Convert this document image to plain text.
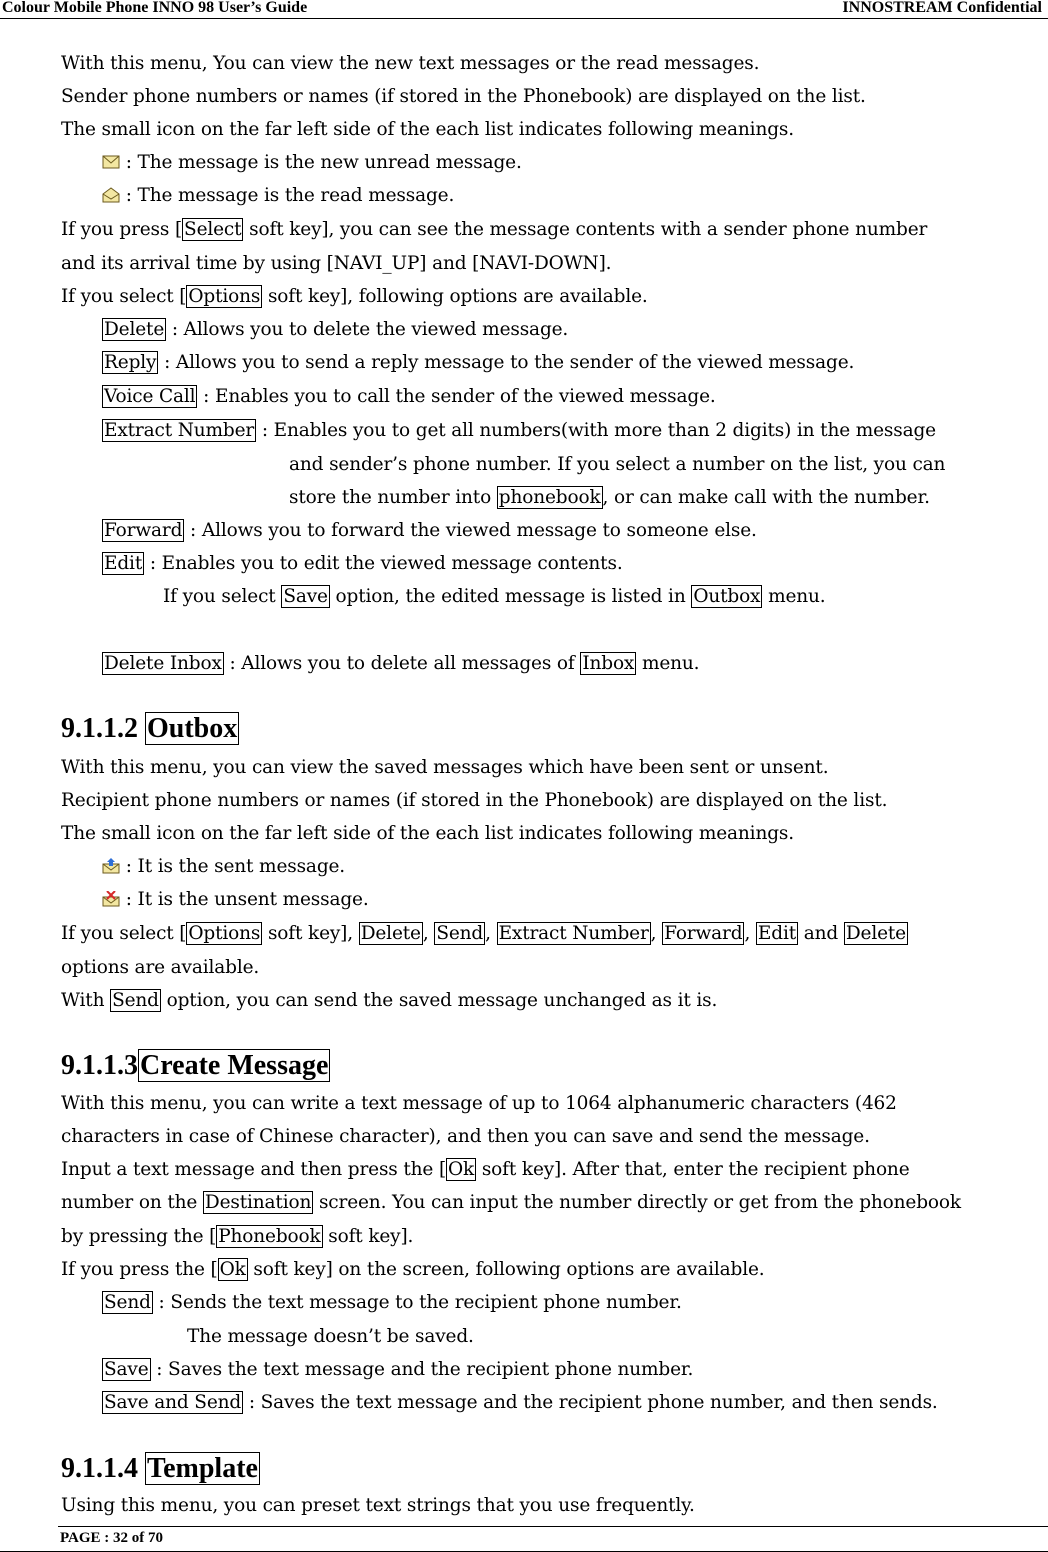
Colour Mobile Phone INNO 98 User’s Guide	INNOSTREAM Confidential
With this menu, You can view the new text messages or the read messages.
Sender phone numbers or names (if stored in the Phonebook) are displayed on the list.
The small icon on the far left side of the each list indicates following meanings.
: The message is the new unread message.
: The message is the read message.
If you press [ Select soft key], you can see the message contents with a sender phone number
and its arrival time by using [NAVI_UP] and [NAVI-DOWN].
If you select [ Options soft key], following options are available.
Delete : Allows you to delete the viewed message.
Reply : Allows you to send a reply message to the sender of the viewed message.
Voice Call : Enables you to call the sender of the viewed message.
Extract Number : Enables you to get all numbers(with more than 2 digits) in the message
and sender’s phone number. If you select a number on the list, you can
store the number into phonebook , or can make call with the number.
Forward : Allows you to forward the viewed message to someone else.
Edit : Enables you to edit the viewed message contents.
If you select Save option, the edited message is listed in Outbox menu.
Delete Inbox : Allows you to delete all messages of Inbox menu.
9.1.1.2 Outbox
With this menu, you can view the saved messages which have been sent or unsent.
Recipient phone numbers or names (if stored in the Phonebook) are displayed on the list.
The small icon on the far left side of the each list indicates following meanings.
: It is the sent message.
: It is the unsent message.
If you select [ Options soft key], Delete , Send , Extract Number , Forward , Edit and Delete
options are available.
With Send option, you can send the saved message unchanged as it is.
9.1.1.3Create Message
With this menu, you can write a text message of up to 1064 alphanumeric characters (462
characters in case of Chinese character), and then you can save and send the message.
Input a text message and then press the [ Ok soft key]. After that, enter the recipient phone
number on the Destination screen. You can input the number directly or get from the phonebook
by pressing the [ Phonebook soft key].
If you press the [ Ok soft key] on the screen, following options are available.
Send : Sends the text message to the recipient phone number.
The message doesn’t be saved.
Save : Saves the text message and the recipient phone number.
Save and Send : Saves the text message and the recipient phone number, and then sends.
9.1.1.4 Template
Using this menu, you can preset text strings that you use frequently.
PAGE : 32 of 70
